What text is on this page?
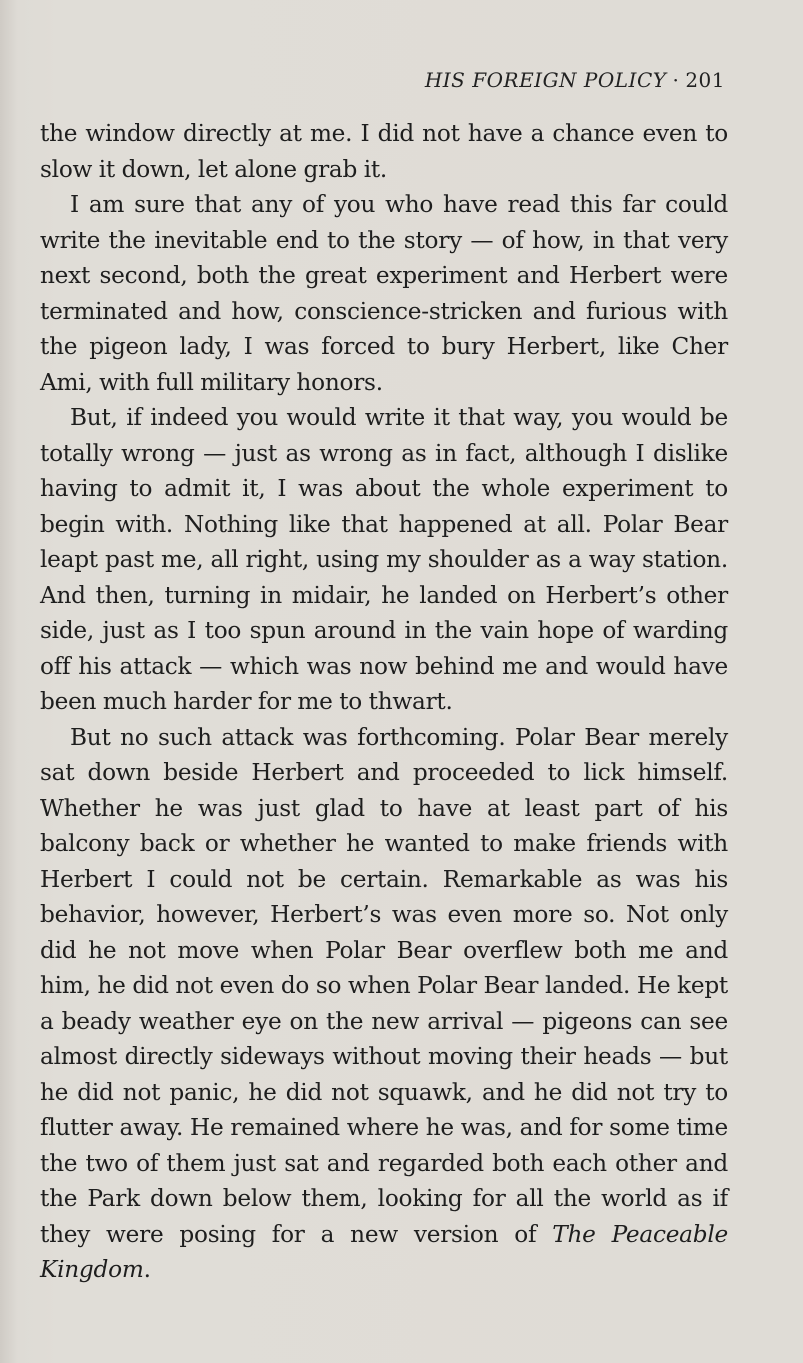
HIS FOREIGN POLICY · 201

the window directly at me. I did not have a chance even to slow it down, let alone grab it.

I am sure that any of you who have read this far could write the inevitable end to the story — of how, in that very next second, both the great experiment and Herbert were terminated and how, conscience-stricken and furious with the pigeon lady, I was forced to bury Herbert, like Cher Ami, with full military honors.

But, if indeed you would write it that way, you would be totally wrong — just as wrong as in fact, although I dislike having to admit it, I was about the whole experiment to begin with. Nothing like that happened at all. Polar Bear leapt past me, all right, using my shoulder as a way station. And then, turning in midair, he landed on Herbert’s other side, just as I too spun around in the vain hope of warding off his attack — which was now behind me and would have been much harder for me to thwart.

But no such attack was forthcoming. Polar Bear merely sat down beside Herbert and proceeded to lick himself. Whether he was just glad to have at least part of his balcony back or whether he wanted to make friends with Herbert I could not be certain. Remarkable as was his behavior, however, Herbert’s was even more so. Not only did he not move when Polar Bear overflew both me and him, he did not even do so when Polar Bear landed. He kept a beady weather eye on the new arrival — pigeons can see almost directly sideways without moving their heads — but he did not panic, he did not squawk, and he did not try to flutter away. He remained where he was, and for some time the two of them just sat and regarded both each other and the Park down below them, looking for all the world as if they were posing for a new version of The Peaceable Kingdom.
